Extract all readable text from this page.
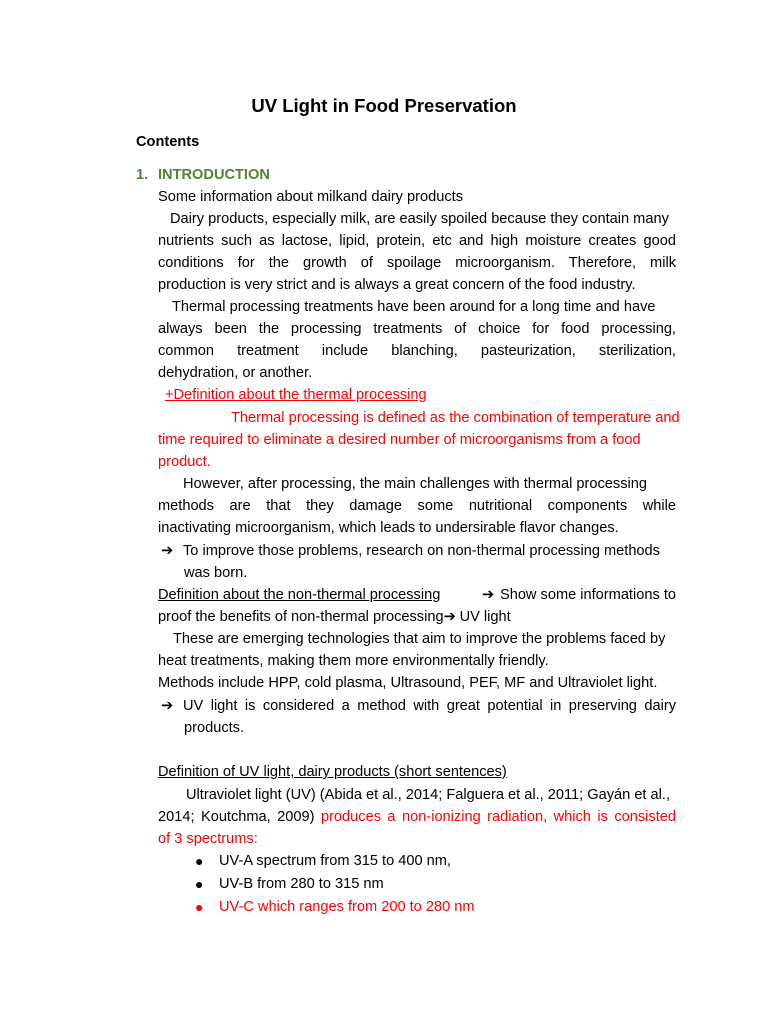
UV Light in Food Preservation
Contents
1. INTRODUCTION
Some information about milkand dairy products
Dairy products, especially milk, are easily spoiled because they contain many
nutrients such as lactose, lipid, protein, etc and high moisture creates good
conditions for the growth of spoilage microorganism. Therefore, milk
production is very strict and is always a great concern of the food industry.
Thermal processing treatments have been around for a long time and have
always been the processing treatments of choice for food processing,
common treatment include blanching, pasteurization, sterilization,
dehydration, or another.
+Definition about the thermal processing
Thermal processing is defined as the combination of temperature and
time required to eliminate a desired number of microorganisms from a food
product.
However, after processing, the main challenges with thermal processing
methods are that they damage some nutritional components while
inactivating microorganism, which leads to undersirable flavor changes.
➔ To improve those problems, research on non-thermal processing methods
was born.
Definition about the non-thermal processing	➔ Show some informations to
proof the benefits of non-thermal processing➔ UV light
These are emerging technologies that aim to improve the problems faced by
heat treatments, making them more environmentally friendly.
Methods include HPP, cold plasma, Ultrasound, PEF, MF and Ultraviolet light.
➔ UV light is considered a method with great potential in preserving dairy
products.
Definition of UV light, dairy products (short sentences)
Ultraviolet light (UV) (Abida et al., 2014; Falguera et al., 2011; Gayán et al.,
2014; Koutchma, 2009) produces a non-ionizing radiation, which is consisted
of 3 spectrums:
● UV-A spectrum from 315 to 400 nm,
● UV-B from 280 to 315 nm
● UV-C which ranges from 200 to 280 nm
